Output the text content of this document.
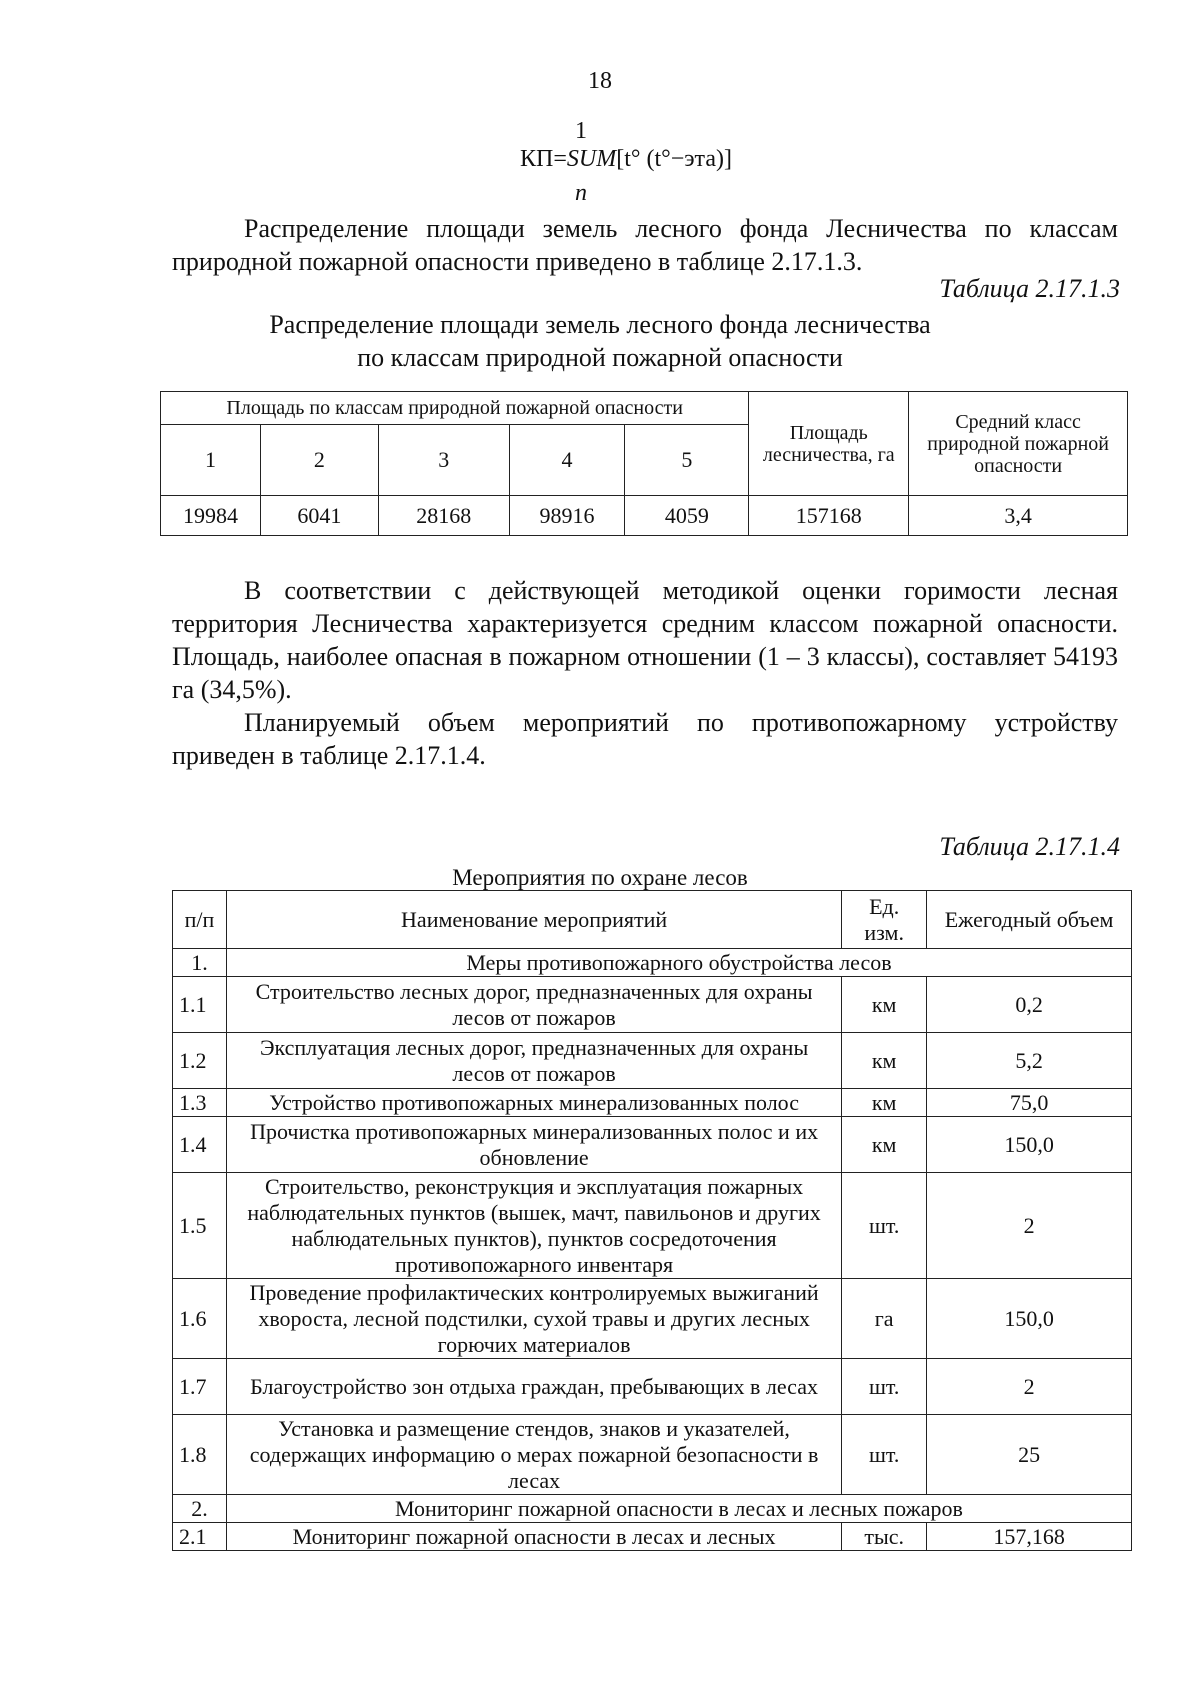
18
1
КП=SUM[t° (t°−эта)]
n

Распределение площади земель лесного фонда Лесничества по классам природной пожарной опасности приведено в таблице 2.17.1.3.

Таблица 2.17.1.3
Распределение площади земель лесного фонда лесничества
по классам природной пожарной опасности
Площадь по классам природной пожарной опасности					Площадь лесничества, га	Средний класс природной пожарной опасности
1	2	3	4	5		
19984	6041	28168	98916	4059	157168	3,4

В соответствии с действующей методикой оценки горимости лесная территория Лесничества характеризуется средним классом пожарной опасности. Площадь, наиболее опасная в пожарном отношении (1 – 3 классы), составляет 54193 га (34,5%).

Планируемый объем мероприятий по противопожарному устройству приведен в таблице 2.17.1.4.

Таблица 2.17.1.4
Мероприятия по охране лесов
п/п	Наименование мероприятий	Ед. изм.	Ежегодный объем
1.	Меры противопожарного обустройства лесов		
1.1	Строительство лесных дорог, предназначенных для охраны лесов от пожаров	км	0,2
1.2	Эксплуатация лесных дорог, предназначенных для охраны лесов от пожаров	км	5,2
1.3	Устройство противопожарных минерализованных полос	км	75,0
1.4	Прочистка противопожарных минерализованных полос и их обновление	км	150,0
1.5	Строительство, реконструкция и эксплуатация пожарных наблюдательных пунктов (вышек, мачт, павильонов и других наблюдательных пунктов), пунктов сосредоточения противопожарного инвентаря	шт.	2
1.6	Проведение профилактических контролируемых выжиганий хвороста, лесной подстилки, сухой травы и других лесных горючих материалов	га	150,0
1.7	Благоустройство зон отдыха граждан, пребывающих в лесах	шт.	2
1.8	Установка и размещение стендов, знаков и указателей, содержащих информацию о мерах пожарной безопасности в лесах	шт.	25
2.	Мониторинг пожарной опасности в лесах и лесных пожаров		
2.1	Мониторинг пожарной опасности в лесах и лесных	тыс.	157,168
